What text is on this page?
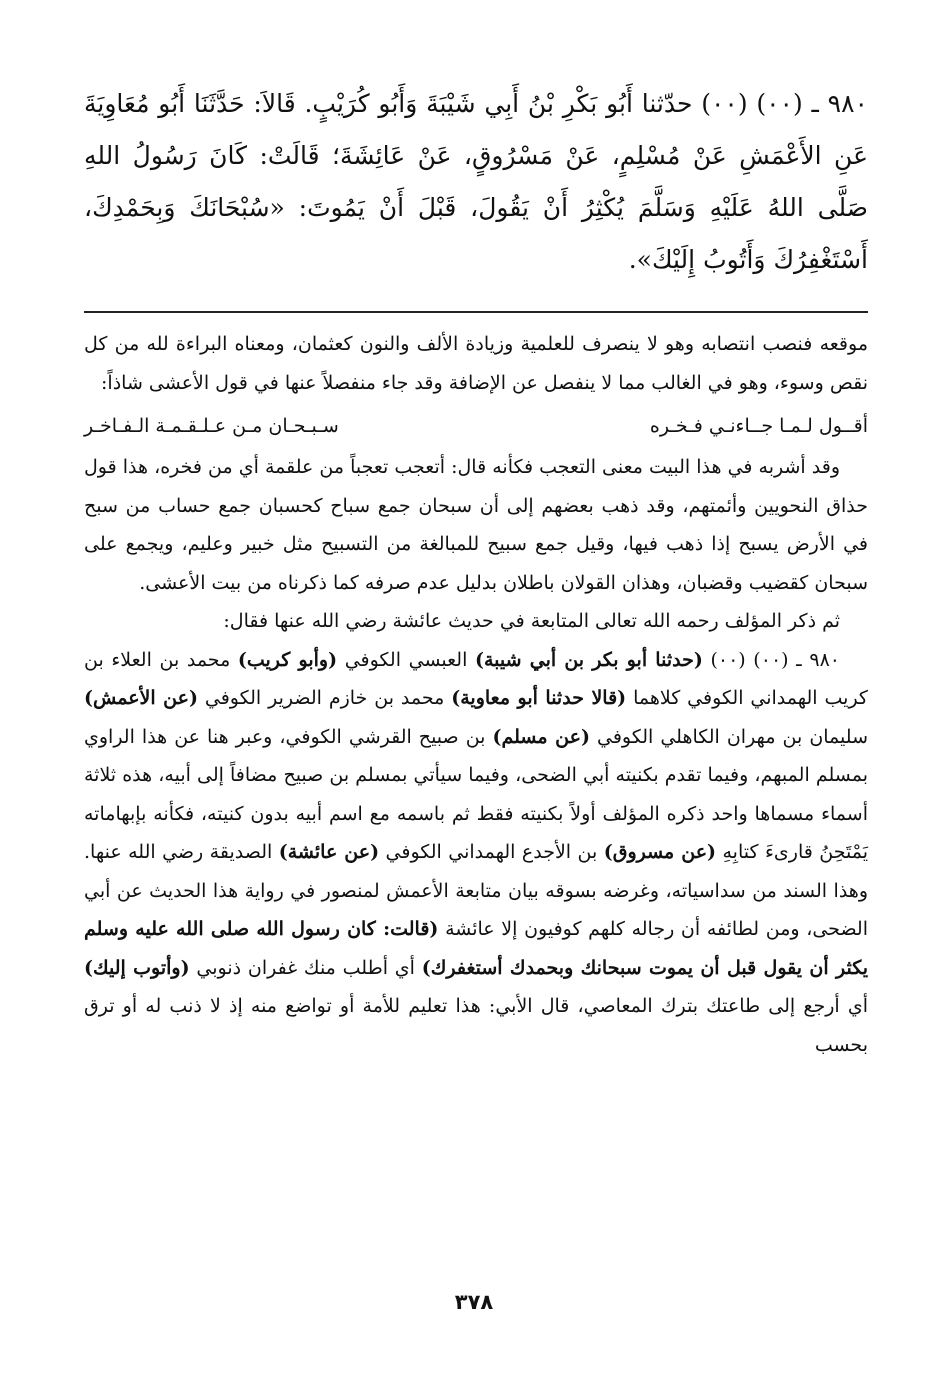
٩٨٠ ـ (٠٠) (٠٠) حدّثنا أَبُو بَكْرِ بْنُ أَبِي شَيْبَةَ وَأَبُو كُرَيْبٍ. قَالاَ: حَدَّثَنَا أَبُو مُعَاوِيَةَ عَنِ الأَعْمَشِ عَنْ مُسْلِمٍ، عَنْ مَسْرُوقٍ، عَنْ عَائِشَةَ؛ قَالَتْ: كَانَ رَسُولُ اللهِ صَلَّى اللهُ عَلَيْهِ وَسَلَّمَ يُكْثِرُ أَنْ يَقُولَ، قَبْلَ أَنْ يَمُوتَ: «سُبْحَانَكَ وَبِحَمْدِكَ، أَسْتَغْفِرُكَ وَأَتُوبُ إِلَيْكَ».

موقعه فنصب انتصابه وهو لا ينصرف للعلمية وزيادة الألف والنون كعثمان، ومعناه البراءة لله من كل نقص وسوء، وهو في الغالب مما لا ينفصل عن الإضافة وقد جاء منفصلاً عنها في قول الأعشى شاذاً:

أقــول لـمـا جــاءنـي فـخـره
سـبـحـان مـن عـلـقـمـة الـفـاخـر

وقد أشربه في هذا البيت معنى التعجب فكأنه قال: أتعجب تعجباً من علقمة أي من فخره، هذا قول حذاق النحويين وأئمتهم، وقد ذهب بعضهم إلى أن سبحان جمع سباح كحسبان جمع حساب من سبح في الأرض يسبح إذا ذهب فيها، وقيل جمع سبيح للمبالغة من التسبيح مثل خبير وعليم، ويجمع على سبحان كقضيب وقضبان، وهذان القولان باطلان بدليل عدم صرفه كما ذكرناه من بيت الأعشى.

ثم ذكر المؤلف رحمه الله تعالى المتابعة في حديث عائشة رضي الله عنها فقال:

٩٨٠ ـ (٠٠) (٠٠) (حدثنا أبو بكر بن أبي شيبة) العبسي الكوفي (وأبو كريب) محمد بن العلاء بن كريب الهمداني الكوفي كلاهما (قالا حدثنا أبو معاوية) محمد بن خازم الضرير الكوفي (عن الأعمش) سليمان بن مهران الكاهلي الكوفي (عن مسلم) بن صبيح القرشي الكوفي، وعبر هنا عن هذا الراوي بمسلم المبهم، وفيما تقدم بكنيته أبي الضحى، وفيما سيأتي بمسلم بن صبيح مضافاً إلى أبيه، هذه ثلاثة أسماء مسماها واحد ذكره المؤلف أولاً بكنيته فقط ثم باسمه مع اسم أبيه بدون كنيته، فكأنه بإبهاماته يَمْتَحِنُ قارىءَ كتابِهِ (عن مسروق) بن الأجدع الهمداني الكوفي (عن عائشة) الصديقة رضي الله عنها. وهذا السند من سداسياته، وغرضه بسوقه بيان متابعة الأعمش لمنصور في رواية هذا الحديث عن أبي الضحى، ومن لطائفه أن رجاله كلهم كوفيون إلا عائشة (قالت: كان رسول الله صلى الله عليه وسلم يكثر أن يقول قبل أن يموت سبحانك وبحمدك أستغفرك) أي أطلب منك غفران ذنوبي (وأتوب إليك) أي أرجع إلى طاعتك بترك المعاصي، قال الأبي: هذا تعليم للأمة أو تواضع منه إذ لا ذنب له أو ترق بحسب

٣٧٨
